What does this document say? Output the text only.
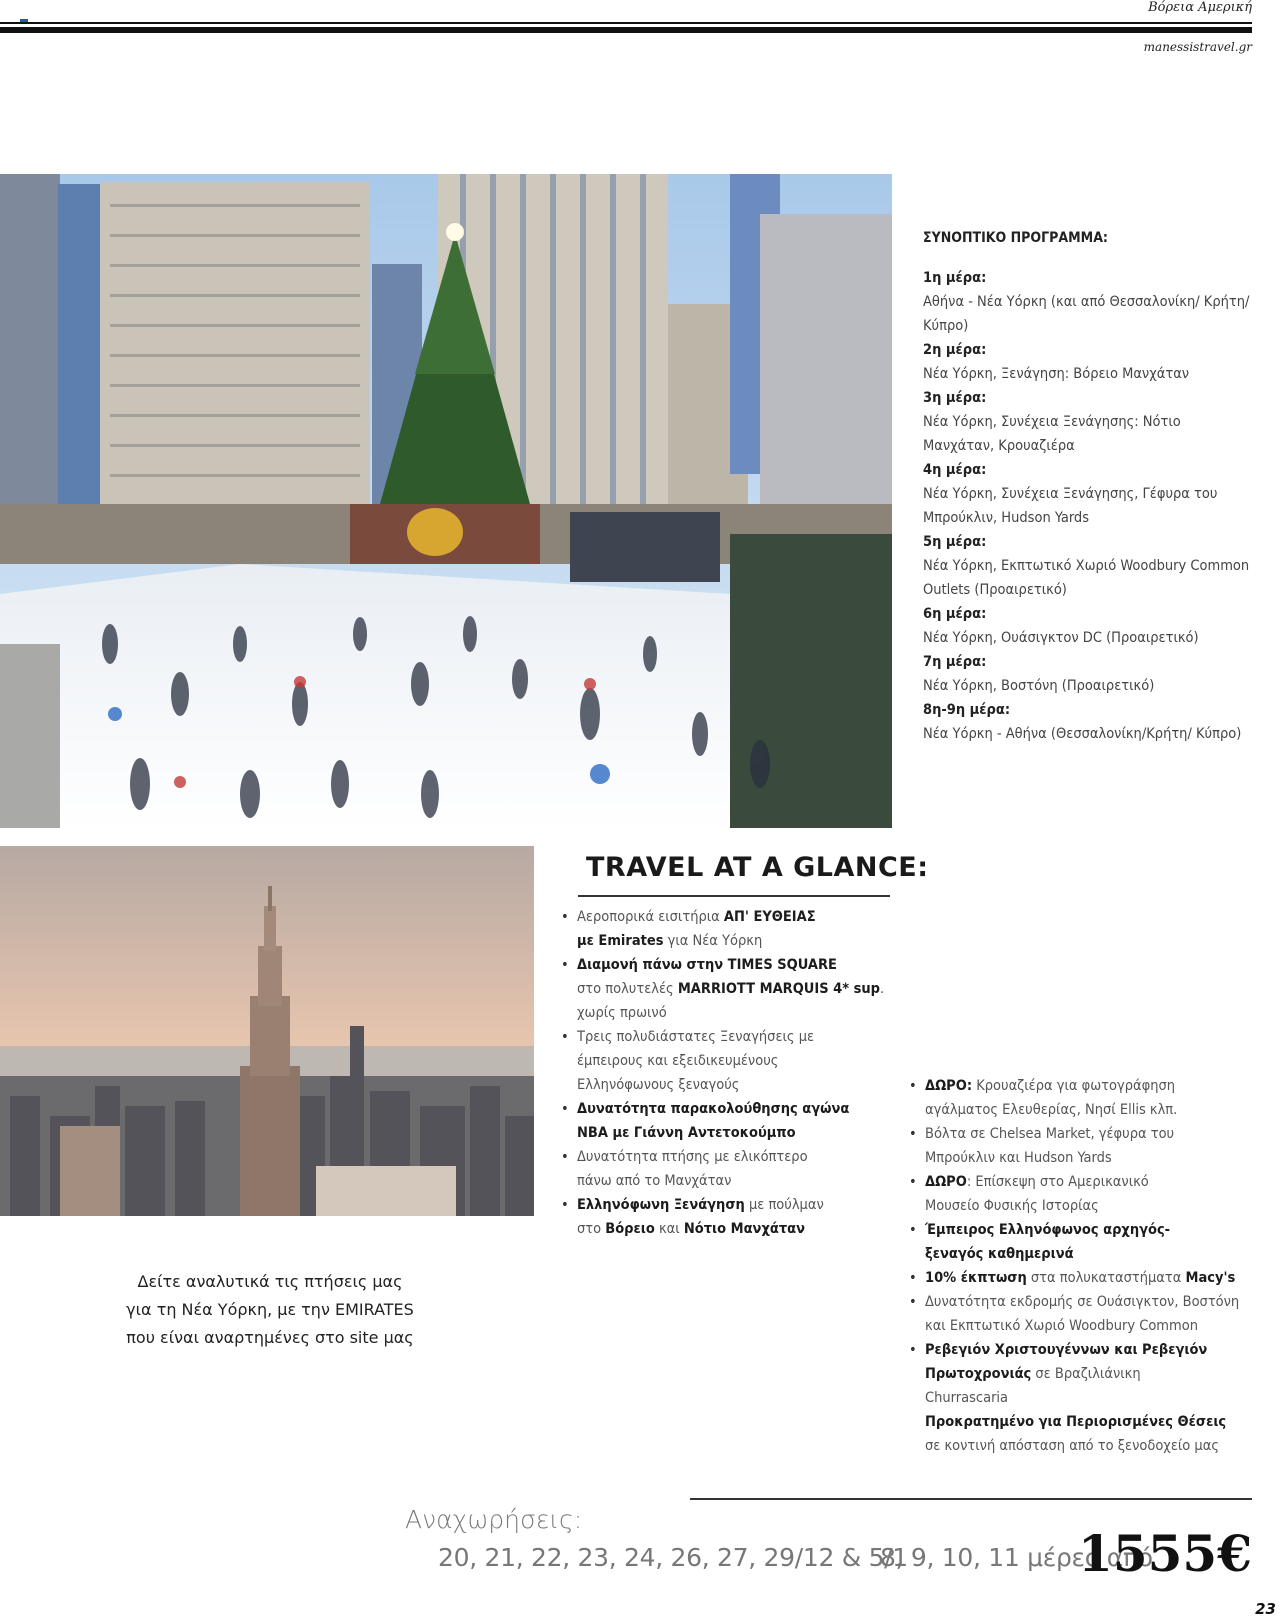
Βόρεια Αμερική
manessistravel.gr
ΣΥΝΟΠΤΙΚΟ ΠΡΟΓΡΑΜΜΑ:
1η μέρα:
Αθήνα - Νέα Υόρκη (και από Θεσσαλονίκη/ Κρήτη/Κύπρο)
2η μέρα:
Νέα Υόρκη, Ξενάγηση: Βόρειο Μανχάταν
3η μέρα:
Νέα Υόρκη, Συνέχεια Ξενάγησης: Νότιο Μανχάταν, Κρουαζιέρα
4η μέρα:
Νέα Υόρκη, Συνέχεια Ξενάγησης, Γέφυρα του Μπρούκλιν, Hudson Yards
5η μέρα:
Νέα Υόρκη, Εκπτωτικό Χωριό Woodbury Common Outlets (Προαιρετικό)
6η μέρα:
Νέα Υόρκη, Ουάσιγκτον DC (Προαιρετικό)
7η μέρα:
Νέα Υόρκη, Βοστόνη (Προαιρετικό)
8η-9η μέρα:
Νέα Υόρκη - Αθήνα (Θεσσαλονίκη/Κρήτη/ Κύπρο)
TRAVEL AT A GLANCE:
• Αεροπορικά εισιτήρια ΑΠ' ΕΥΘΕΙΑΣ
με Emirates για Νέα Υόρκη
• Διαμονή πάνω στην TIMES SQUARE
στο πολυτελές MARRIOTT MARQUIS 4* sup.
χωρίς πρωινό
• Τρεις πολυδιάστατες Ξεναγήσεις με έμπειρους και εξειδικευμένους Ελληνόφωνους ξεναγούς
• Δυνατότητα παρακολούθησης αγώνα NBA με Γιάννη Αντετοκούμπο
• Δυνατότητα πτήσης με ελικόπτερο πάνω από το Μανχάταν
• Ελληνόφωνη Ξενάγηση με πούλμαν
στο Βόρειο και Νότιο Μανχάταν
• ΔΩΡΟ: Κρουαζιέρα για φωτογράφηση αγάλματος Ελευθερίας, Νησί Ellis κλπ.
• Βόλτα σε Chelsea Market, γέφυρα του Μπρούκλιν και Hudson Yards
• ΔΩΡΟ: Επίσκεψη στο Αμερικανικό Μουσείο Φυσικής Ιστορίας
• Έμπειρος Ελληνόφωνος αρχηγός- ξεναγός καθημερινά
• 10% έκπτωση στα πολυκαταστήματα Macy's
• Δυνατότητα εκδρομής σε Ουάσιγκτον, Βοστόνη και Εκπτωτικό Χωριό Woodbury Common
• Ρεβεγιόν Χριστουγέννων και Ρεβεγιόν Πρωτοχρονιάς σε Βραζιλιάνικη Churrascaria
Προκρατημένο για Περιορισμένες Θέσεις
σε κοντινή απόσταση από το ξενοδοχείο μας
Δείτε αναλυτικά τις πτήσεις μας
για τη Νέα Υόρκη, με την EMIRATES
που είναι αναρτημένες στο site μας
Αναχωρήσεις:
20, 21, 22, 23, 24, 26, 27, 29/12 & 5/1
8, 9, 10, 11 μέρες από
1555€
23
